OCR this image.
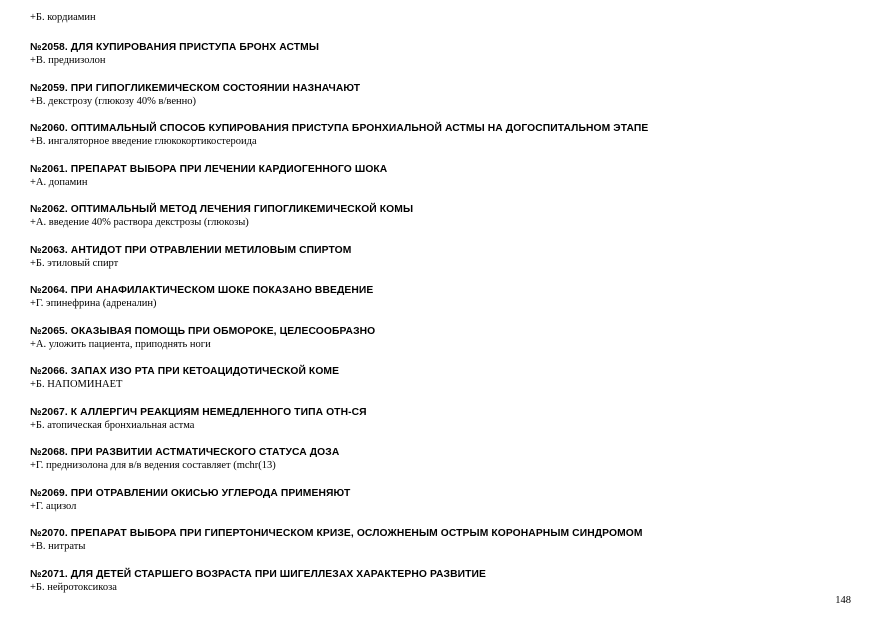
+Б. кордиамин
№2058. ДЛЯ КУПИРОВАНИЯ ПРИСТУПА БРОНХ АСТМЫ
+В. преднизолон
№2059. ПРИ ГИПОГЛИКЕМИЧЕСКОМ СОСТОЯНИИ НАЗНАЧАЮТ
+В. декстрозу (глюкозу 40% в/венно)
№2060. ОПТИМАЛЬНЫЙ СПОСОБ КУПИРОВАНИЯ ПРИСТУПА БРОНХИАЛЬНОЙ АСТМЫ НА ДОГОСПИТАЛЬНОМ ЭТАПЕ
+В. ингаляторное введение глюкокортикостероида
№2061. ПРЕПАРАТ ВЫБОРА ПРИ ЛЕЧЕНИИ КАРДИОГЕННОГО ШОКА
+А. допамин
№2062. ОПТИМАЛЬНЫЙ МЕТОД ЛЕЧЕНИЯ ГИПОГЛИКЕМИЧЕСКОЙ КОМЫ
+А. введение 40% раствора декстрозы (глюкозы)
№2063. АНТИДОТ ПРИ ОТРАВЛЕНИИ МЕТИЛОВЫМ СПИРТОМ
+Б. этиловый спирт
№2064. ПРИ АНАФИЛАКТИЧЕСКОМ ШОКЕ ПОКАЗАНО ВВЕДЕНИЕ
+Г. эпинефрина (адреналин)
№2065. ОКАЗЫВАЯ ПОМОЩЬ ПРИ ОБМОРОКЕ, ЦЕЛЕСООБРАЗНО
+А. уложить пациента, приподнять ноги
№2066. ЗАПАХ ИЗО РТА ПРИ КЕТОАЦИДОТИЧЕСКОЙ КОМЕ
+Б. НАПОМИНАЕТ
№2067. К АЛЛЕРГИЧ РЕАКЦИЯМ НЕМЕДЛЕННОГО ТИПА ОТН-СЯ
+Б. атопическая бронхиальная астма
№2068. ПРИ РАЗВИТИИ АСТМАТИЧЕСКОГО СТАТУСА ДОЗА
+Г. преднизолона для в/в ведения составляет (mchr(13)
№2069. ПРИ ОТРАВЛЕНИИ ОКИСЬЮ УГЛЕРОДА ПРИМЕНЯЮТ
+Г. ацизол
№2070. ПРЕПАРАТ ВЫБОРА ПРИ ГИПЕРТОНИЧЕСКОМ КРИЗЕ, ОСЛОЖНЕНЫМ ОСТРЫМ КОРОНАРНЫМ СИНДРОМОМ
+В. нитраты
№2071. ДЛЯ ДЕТЕЙ СТАРШЕГО ВОЗРАСТА ПРИ ШИГЕЛЛЕЗАХ ХАРАКТЕРНО РАЗВИТИЕ
+Б. нейротоксикоза
148
